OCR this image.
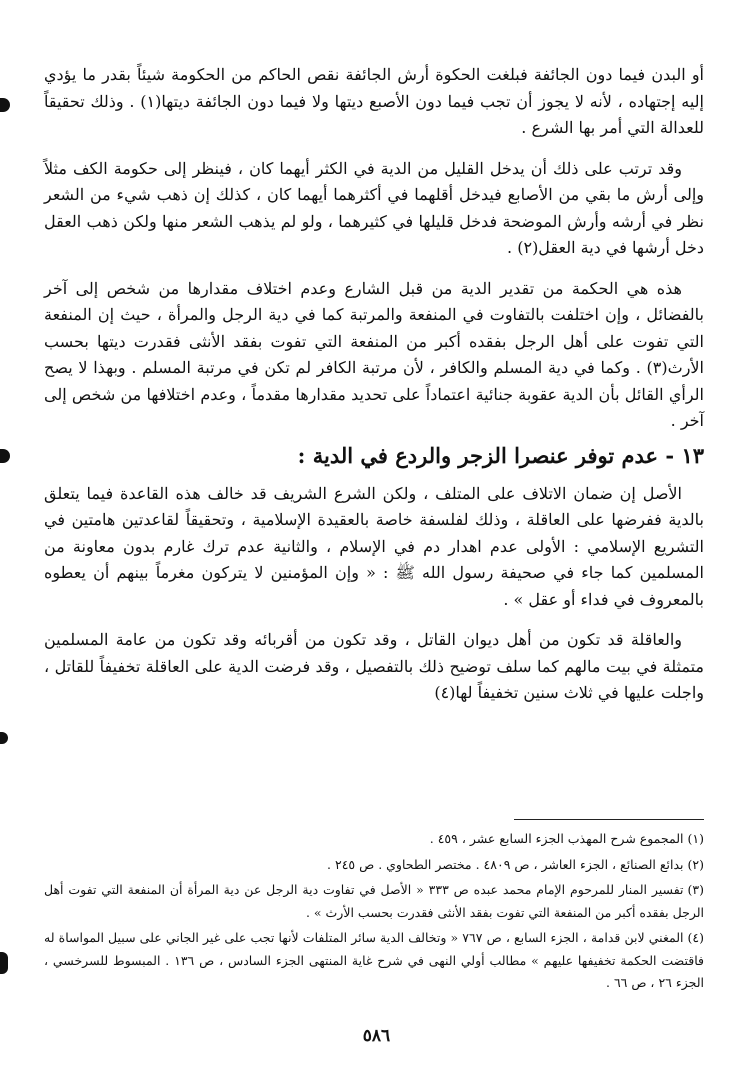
أو البدن فيما دون الجائفة فبلغت الحكوة أرش الجائفة نقص الحاكم من الحكومة شيئاً بقدر ما يؤدي إليه إجتهاده ، لأنه لا يجوز أن تجب فيما دون الأصبع ديتها ولا فيما دون الجائفة ديتها(١) . وذلك تحقيقاً للعدالة التي أمر بها الشرع .

وقد ترتب على ذلك أن يدخل القليل من الدية في الكثر أيهما كان ، فينظر إلى حكومة الكف مثلاً وإلى أرش ما بقي من الأصابع فيدخل أقلهما في أكثرهما أيهما كان ، كذلك إن ذهب شيء من الشعر نظر في أرشه وأرش الموضحة فدخل قليلها في كثيرهما ، ولو لم يذهب الشعر منها ولكن ذهب العقل دخل أرشها في دية العقل(٢) .

هذه هي الحكمة من تقدير الدية من قبل الشارع وعدم اختلاف مقدارها من شخص إلى آخر بالفضائل ، وإن اختلفت بالتفاوت في المنفعة والمرتبة كما في دية الرجل والمرأة ، حيث إن المنفعة التي تفوت على أهل الرجل بفقده أكبر من المنفعة التي تفوت بفقد الأنثى فقدرت ديتها بحسب الأرث(٣) . وكما في دية المسلم والكافر ، لأن مرتبة الكافر لم تكن في مرتبة المسلم . وبهذا لا يصح الرأي القائل بأن الدية عقوبة جنائية اعتماداً على تحديد مقدارها مقدماً ، وعدم اختلافها من شخص إلى آخر .

١٣ - عدم توفر عنصرا الزجر والردع في الدية :

الأصل إن ضمان الاتلاف على المتلف ، ولكن الشرع الشريف قد خالف هذه القاعدة فيما يتعلق بالدية ففرضها على العاقلة ، وذلك لفلسفة خاصة بالعقيدة الإسلامية ، وتحقيقاً لقاعدتين هامتين في التشريع الإسلامي : الأولى عدم اهدار دم في الإسلام ، والثانية عدم ترك غارم بدون معاونة من المسلمين كما جاء في صحيفة رسول الله ﷺ : « وإن المؤمنين لا يتركون مغرماً بينهم أن يعطوه بالمعروف في فداء أو عقل » .

والعاقلة قد تكون من أهل ديوان القاتل ، وقد تكون من أقربائه وقد تكون من عامة المسلمين متمثلة في بيت مالهم كما سلف توضيح ذلك بالتفصيل ، وقد فرضت الدية على العاقلة تخفيفاً للقاتل ، واجلت عليها في ثلاث سنين تخفيفاً لها(٤)

(١)المجموع شرح المهذب الجزء السابع عشر ، ٤٥٩ .

(٢)بدائع الصنائع ، الجزء العاشر ، ص ٤٨٠٩ . مختصر الطحاوي . ص ٢٤٥ .

(٣)تفسير المنار للمرحوم الإمام محمد عبده ص ٣٣٣ « الأصل في تفاوت دية الرجل عن دية المرأة أن المنفعة التي تفوت أهل الرجل بفقده أكبر من المنفعة التي تفوت بفقد الأنثى فقدرت بحسب الأرث » .

(٤)المغني لابن قدامة ، الجزء السابع ، ص ٧٦٧ « وتخالف الدية سائر المتلفات لأنها تجب على غير الجاني على سبيل المواساة له فاقتضت الحكمة تخفيفها عليهم » مطالب أولي النهى في شرح غاية المنتهى الجزء السادس ، ص ١٣٦ . المبسوط للسرخسي ، الجزء ٢٦ ، ص ٦٦ .

٥٨٦
